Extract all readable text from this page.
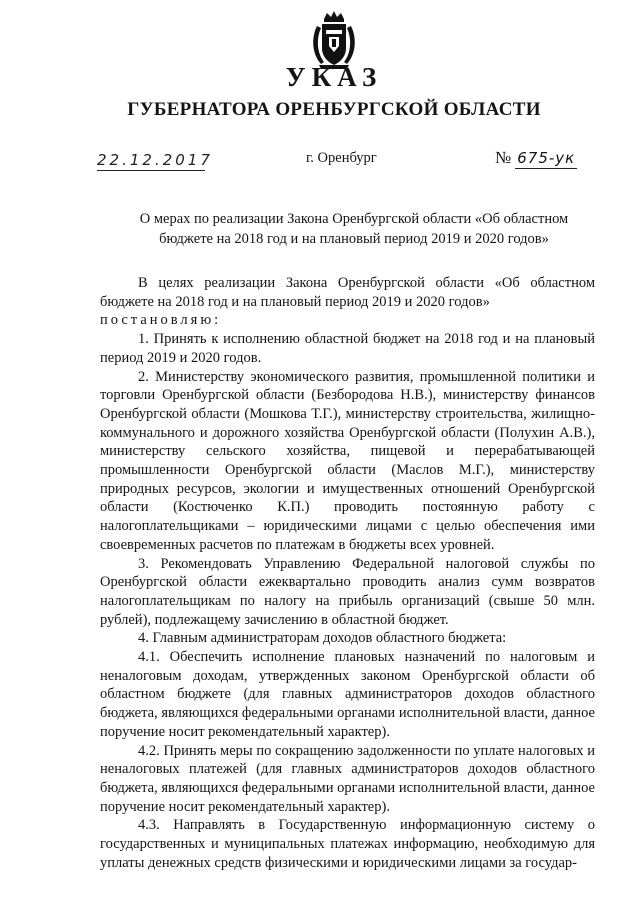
УКАЗ
ГУБЕРНАТОРА ОРЕНБУРГСКОЙ ОБЛАСТИ
22.12.2017	г. Оренбург	№ 675-ук
О мерах по реализации Закона Оренбургской области «Об областном бюджете на 2018 год и на плановый период 2019 и 2020 годов»

В целях реализации Закона Оренбургской области «Об областном бюджете на 2018 год и на плановый период 2019 и 2020 годов»

постановляю:

1. Принять к исполнению областной бюджет на 2018 год и на плановый период 2019 и 2020 годов.

2. Министерству экономического развития, промышленной политики и торговли Оренбургской области (Безбородова Н.В.), министерству финансов Оренбургской области (Мошкова Т.Г.), министерству строительства, жилищно-коммунального и дорожного хозяйства Оренбургской области (Полухин А.В.), министерству сельского хозяйства, пищевой и перерабатывающей промышленности Оренбургской области (Маслов М.Г.), министерству природных ресурсов, экологии и имущественных отношений Оренбургской области (Костюченко К.П.) проводить постоянную работу с налогоплательщиками – юридическими лицами с целью обеспечения ими своевременных расчетов по платежам в бюджеты всех уровней.

3. Рекомендовать Управлению Федеральной налоговой службы по Оренбургской области ежеквартально проводить анализ сумм возвратов налогоплательщикам по налогу на прибыль организаций (свыше 50 млн. рублей), подлежащему зачислению в областной бюджет.

4. Главным администраторам доходов областного бюджета:

4.1. Обеспечить исполнение плановых назначений по налоговым и неналоговым доходам, утвержденных законом Оренбургской области об областном бюджете (для главных администраторов доходов областного бюджета, являющихся федеральными органами исполнительной власти, данное поручение носит рекомендательный характер).

4.2. Принять меры по сокращению задолженности по уплате налоговых и неналоговых платежей (для главных администраторов доходов областного бюджета, являющихся федеральными органами исполнительной власти, данное поручение носит рекомендательный характер).

4.3. Направлять в Государственную информационную систему о государственных и муниципальных платежах информацию, необходимую для уплаты денежных средств физическими и юридическими лицами за государ-
